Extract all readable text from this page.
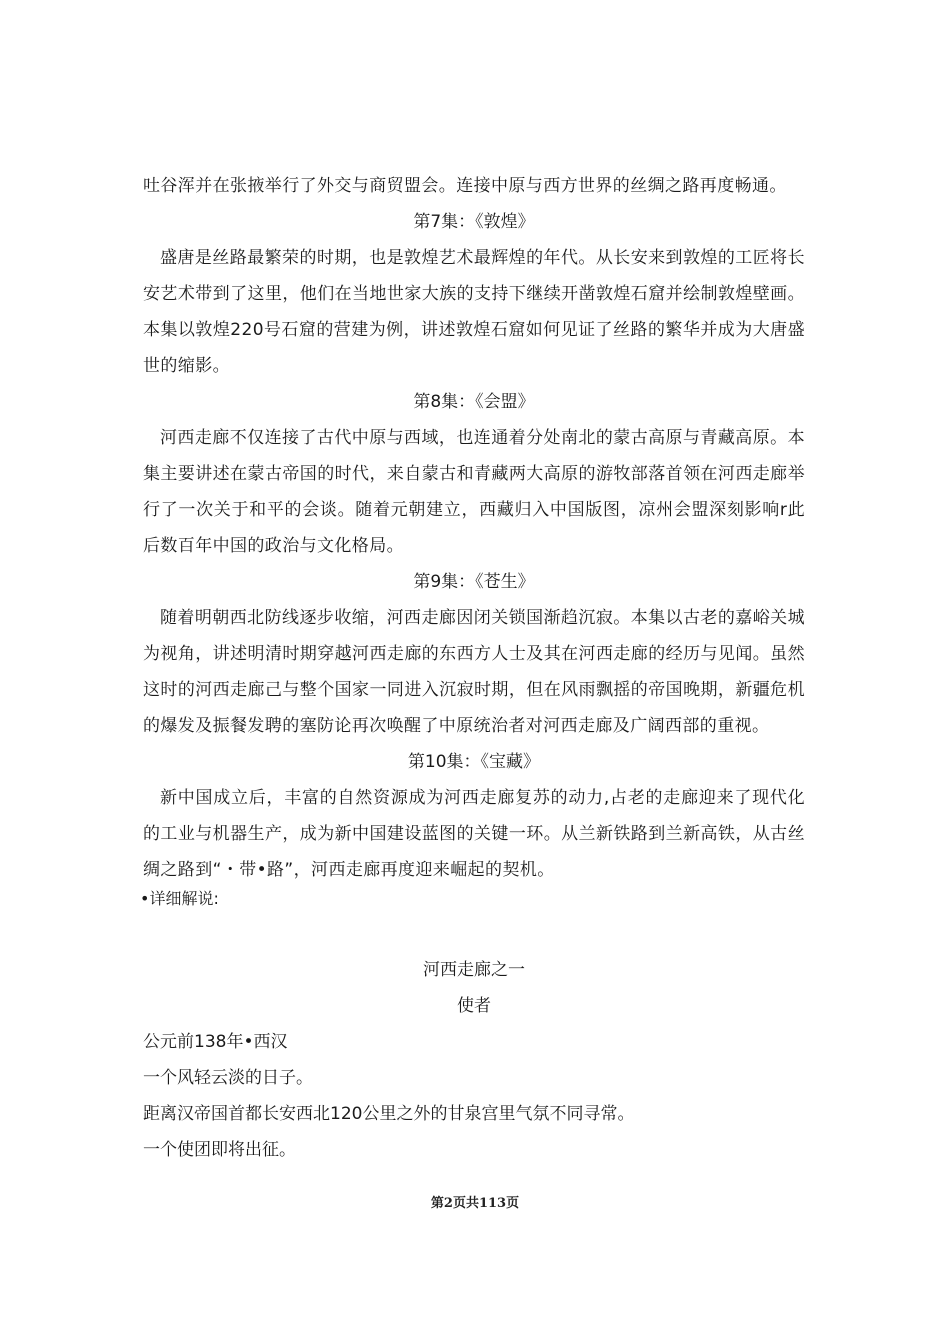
吐谷浑并在张掖举行了外交与商贸盟会。连接中原与西方世界的丝绸之路再度畅通。

第7集：《敦煌》

盛唐是丝路最繁荣的时期，也是敦煌艺术最辉煌的年代。从长安来到敦煌的工匠将长安艺术带到了这里，他们在当地世家大族的支持下继续开凿敦煌石窟并绘制敦煌壁画。本集以敦煌220号石窟的营建为例，讲述敦煌石窟如何见证了丝路的繁华并成为大唐盛世的缩影。

第8集：《会盟》

河西走廊不仅连接了古代中原与西域，也连通着分处南北的蒙古高原与青藏高原。本集主要讲述在蒙古帝国的时代，来自蒙古和青藏两大高原的游牧部落首领在河西走廊举行了一次关于和平的会谈。随着元朝建立，西藏归入中国版图，凉州会盟深刻影响r此后数百年中国的政治与文化格局。

第9集：《苍生》

随着明朝西北防线逐步收缩，河西走廊因闭关锁国渐趋沉寂。本集以古老的嘉峪关城为视角，讲述明清时期穿越河西走廊的东西方人士及其在河西走廊的经历与见闻。虽然这时的河西走廊己与整个国家一同进入沉寂时期，但在风雨飘摇的帝国晚期，新疆危机的爆发及振餐发聘的塞防论再次唤醒了中原统治者对河西走廊及广阔西部的重视。

第10集：《宝藏》

新中国成立后，丰富的自然资源成为河西走廊复苏的动力,占老的走廊迎来了现代化的工业与机器生产，成为新中国建设蓝图的关键一环。从兰新铁路到兰新高铁，从古丝绸之路到“・带•路”，河西走廊再度迎来崛起的契机。

•详细解说:

河西走廊之一

使者

公元前138年•西汉

一个风轻云淡的日子。

距离汉帝国首都长安西北120公里之外的甘泉宫里气氛不同寻常。

一个使团即将出征。

第2页共113页
